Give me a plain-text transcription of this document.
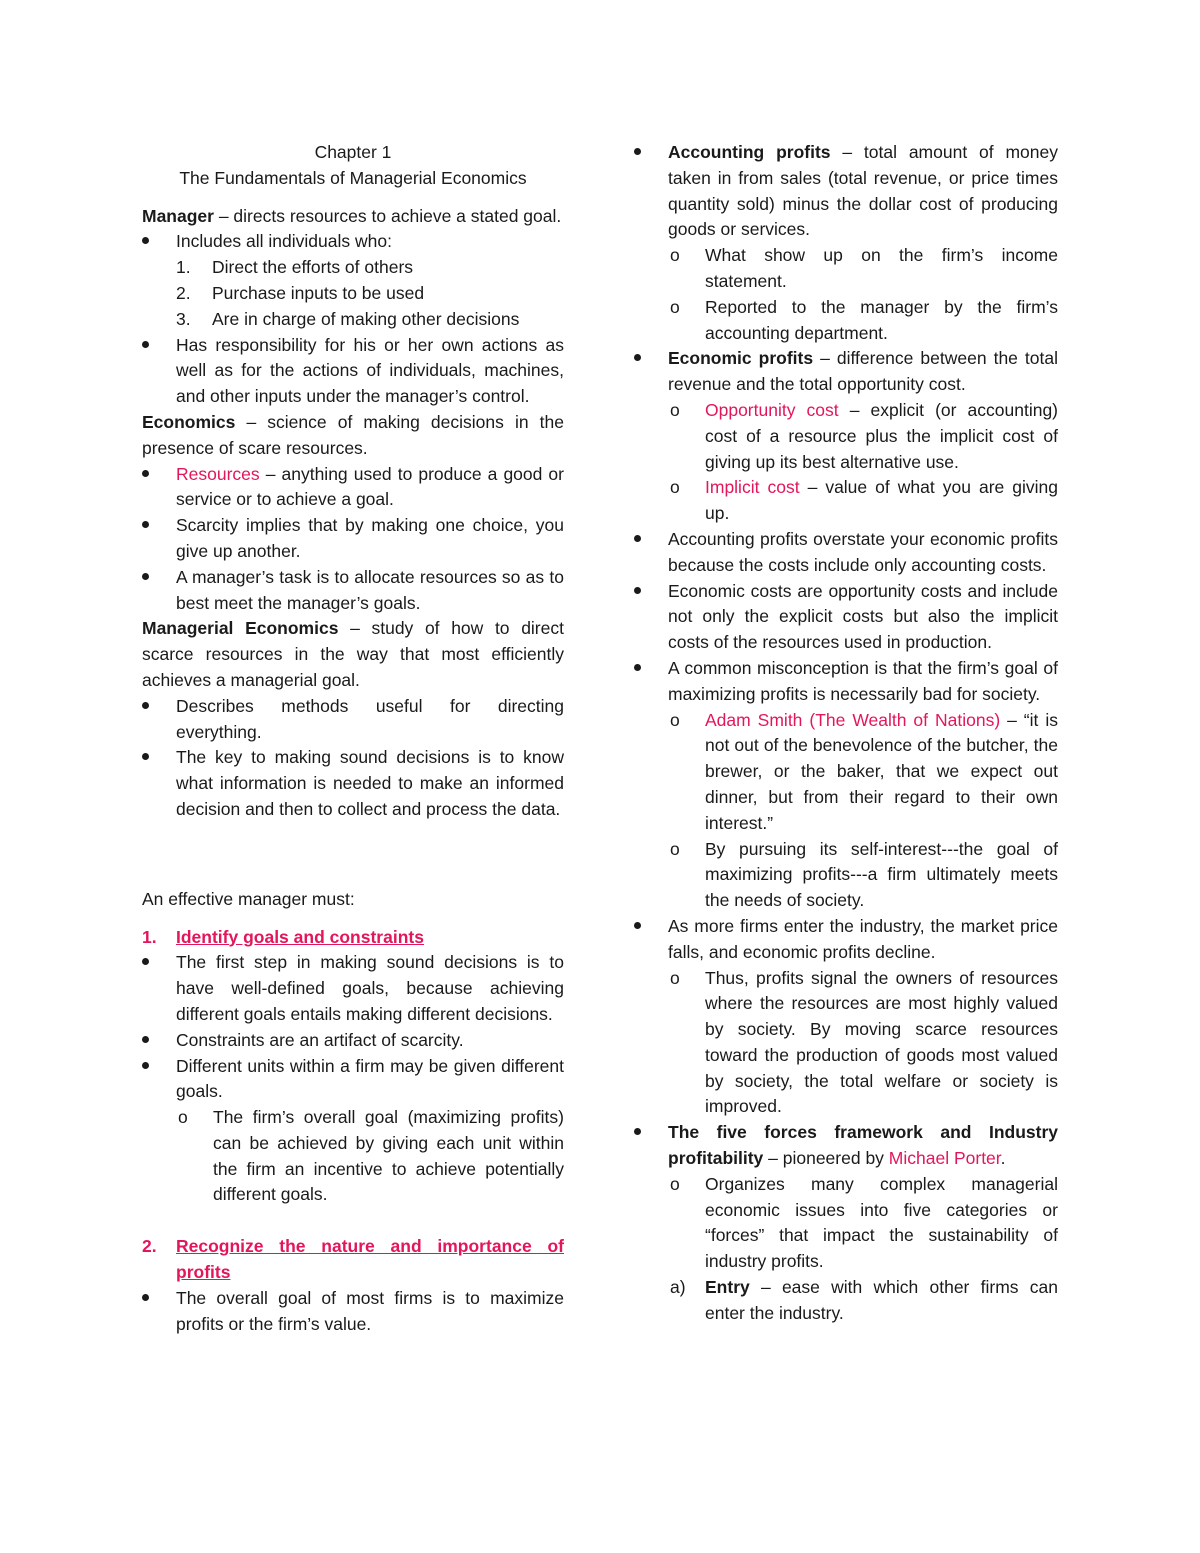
Chapter 1

The Fundamentals of Managerial Economics

Manager – directs resources to achieve a stated goal.

Includes all individuals who:
1. Direct the efforts of others
2. Purchase inputs to be used
3. Are in charge of making other decisions
Has responsibility for his or her own actions as well as for the actions of individuals, machines, and other inputs under the manager’s control.

Economics – science of making decisions in the presence of scare resources.

Resources – anything used to produce a good or service or to achieve a goal.
Scarcity implies that by making one choice, you give up another.
A manager’s task is to allocate resources so as to best meet the manager’s goals.

Managerial Economics – study of how to direct scarce resources in the way that most efficiently achieves a managerial goal.

Describes methods useful for directing everything.
The key to making sound decisions is to know what information is needed to make an informed decision and then to collect and process the data.

An effective manager must:

1. Identify goals and constraints
The first step in making sound decisions is to have well-defined goals, because achieving different goals entails making different decisions.
Constraints are an artifact of scarcity.
Different units within a firm may be given different goals.
o The firm’s overall goal (maximizing profits) can be achieved by giving each unit within the firm an incentive to achieve potentially different goals.
2. Recognize the nature and importance of profits
The overall goal of most firms is to maximize profits or the firm’s value.
Accounting profits – total amount of money taken in from sales (total revenue, or price times quantity sold) minus the dollar cost of producing goods or services.
o What show up on the firm’s income statement.
o Reported to the manager by the firm’s accounting department.
Economic profits – difference between the total revenue and the total opportunity cost.
o Opportunity cost – explicit (or accounting) cost of a resource plus the implicit cost of giving up its best alternative use.
o Implicit cost – value of what you are giving up.
Accounting profits overstate your economic profits because the costs include only accounting costs.
Economic costs are opportunity costs and include not only the explicit costs but also the implicit costs of the resources used in production.
A common misconception is that the firm’s goal of maximizing profits is necessarily bad for society.
o Adam Smith (The Wealth of Nations) – “it is not out of the benevolence of the butcher, the brewer, or the baker, that we expect out dinner, but from their regard to their own interest.”
o By pursuing its self-interest---the goal of maximizing profits---a firm ultimately meets the needs of society.
As more firms enter the industry, the market price falls, and economic profits decline.
o Thus, profits signal the owners of resources where the resources are most highly valued by society. By moving scarce resources toward the production of goods most valued by society, the total welfare or society is improved.
The five forces framework and Industry profitability – pioneered by Michael Porter.
o Organizes many complex managerial economic issues into five categories or “forces” that impact the sustainability of industry profits.
a) Entry – ease with which other firms can enter the industry.
